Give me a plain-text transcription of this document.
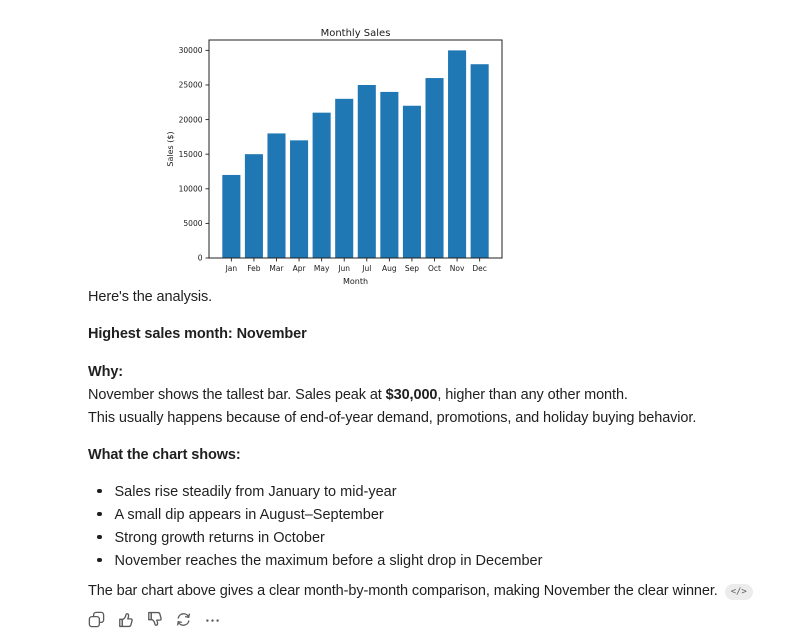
0
5000
10000
15000
20000
25000
30000
Jan Feb Mar Apr May Jun Jul Aug Sep Oct Nov Dec
Monthly Sales
Month
Sales ($)

Here's the analysis.

Highest sales month: November

Why:

November shows the tallest bar. Sales peak at $30,000, higher than any other month.

This usually happens because of end-of-year demand, promotions, and holiday buying behavior.

What the chart shows:

Sales rise steadily from January to mid-year
A small dip appears in August–September
Strong growth returns in October
November reaches the maximum before a slight drop in December

The bar chart above gives a clear month-by-month comparison, making November the clear winner. </>
